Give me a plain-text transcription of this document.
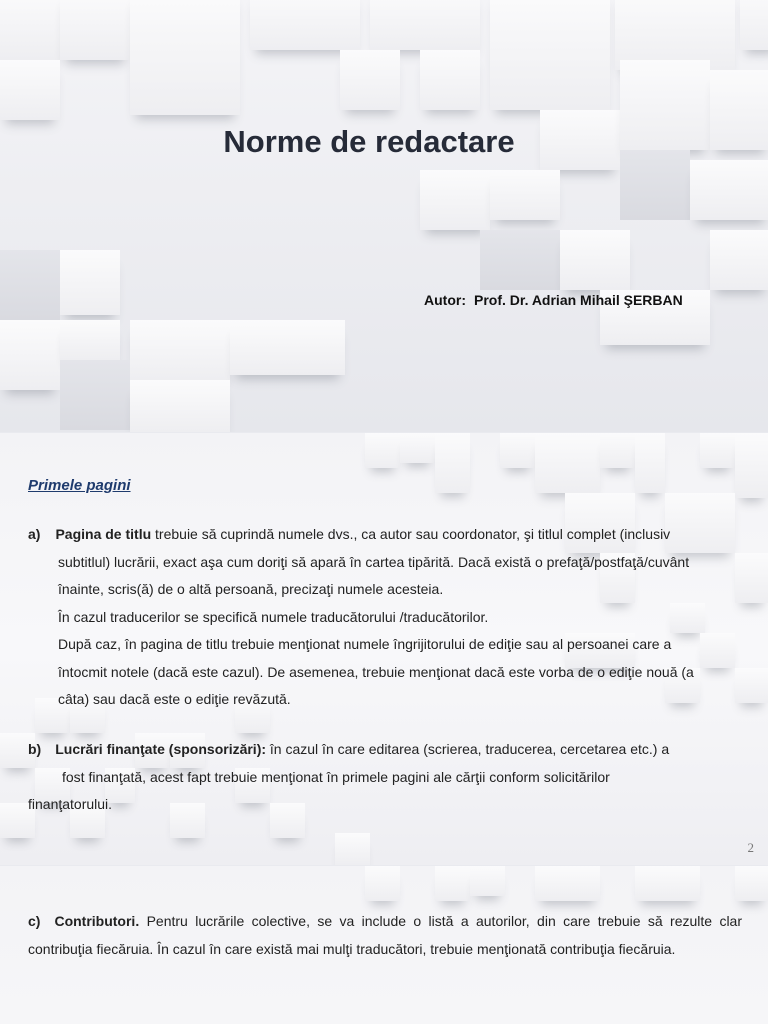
Norme de redactare
Autor: Prof. Dr. Adrian Mihail ŞERBAN
Primele pagini
a) Pagina de titlu trebuie să cuprindă numele dvs., ca autor sau coordonator, şi titlul complet (inclusiv
subtitlul) lucrării, exact aşa cum doriţi să apară în cartea tipărită. Dacă există o prefaţă/postfaţă/cuvânt
înainte, scris(ă) de o altă persoană, precizaţi numele acesteia.
În cazul traducerilor se specifică numele traducătorului /traducătorilor.
După caz, în pagina de titlu trebuie menţionat numele îngrijitorului de ediţie sau al persoanei care a
întocmit notele (dacă este cazul). De asemenea, trebuie menţionat dacă este vorba de o ediţie nouă (a
câta) sau dacă este o ediţie revăzută.
b) Lucrări finanţate (sponsorizări): în cazul în care editarea (scrierea, traducerea, cercetarea etc.) a
fost finanţată, acest fapt trebuie menţionat în primele pagini ale cărţii conform solicitărilor
finanţatorului.
2
c) Contributori. Pentru lucrările colective, se va include o listă a autorilor, din care trebuie să rezulte clar contribuţia fiecăruia. În cazul în care există mai mulţi traducători, trebuie menţionată contribuţia fiecăruia.
